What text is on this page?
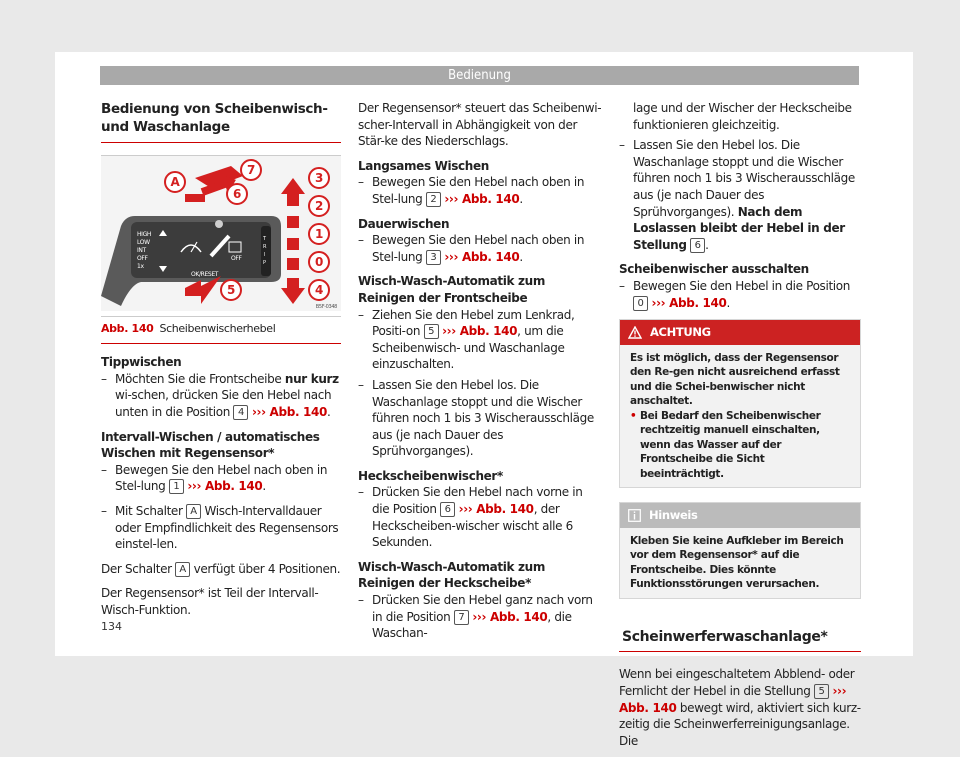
Bedienung
Bedienung von Scheibenwisch- und Waschanlage
HIGH
LOW
INT
OFF
1x
OFF
OK/RESET
T
R
I
P
A
7
6
3
2
1
0
4
5
B5F-0348
Abb. 140 Scheibenwischerhebel

Tippwischen

– Möchten Sie die Frontscheibe nur kurz wi-schen, drücken Sie den Hebel nach unten in die Position 4 ››› Abb. 140.

Intervall-Wischen / automatisches Wischen mit Regensensor*

– Bewegen Sie den Hebel nach oben in Stel-lung 1 ››› Abb. 140.
– Mit Schalter A Wisch-Intervalldauer oder Empfindlichkeit des Regensensors einstel-len.

Der Schalter A verfügt über 4 Positionen.

Der Regensensor* ist Teil der Intervall-Wisch-Funktion.

Der Regensensor* steuert das Scheibenwi-scher-Intervall in Abhängigkeit von der Stär-ke des Niederschlags.

Langsames Wischen

– Bewegen Sie den Hebel nach oben in Stel-lung 2 ››› Abb. 140.

Dauerwischen

– Bewegen Sie den Hebel nach oben in Stel-lung 3 ››› Abb. 140.

Wisch-Wasch-Automatik zum Reinigen der Frontscheibe

– Ziehen Sie den Hebel zum Lenkrad, Positi-on 5 ››› Abb. 140, um die Scheibenwisch- und Waschanlage einzuschalten.
– Lassen Sie den Hebel los. Die Waschanlage stoppt und die Wischer führen noch 1 bis 3 Wischerausschläge aus (je nach Dauer des Sprühvorganges).

Heckscheibenwischer*

– Drücken Sie den Hebel nach vorne in die Position 6 ››› Abb. 140, der Heckscheiben-wischer wischt alle 6 Sekunden.

Wisch-Wasch-Automatik zum Reinigen der Heckscheibe*

– Drücken Sie den Hebel ganz nach vorn in die Position 7 ››› Abb. 140, die Waschan-

lage und der Wischer der Heckscheibe funktionieren gleichzeitig.

– Lassen Sie den Hebel los. Die Waschanlage stoppt und die Wischer führen noch 1 bis 3 Wischerausschläge aus (je nach Dauer des Sprühvorganges). Nach dem Loslassen bleibt der Hebel in der Stellung 6 .

Scheibenwischer ausschalten

– Bewegen Sie den Hebel in die Position 0 ››› Abb. 140.
ACHTUNG
Es ist möglich, dass der Regensensor den Re-gen nicht ausreichend erfasst und die Schei-benwischer nicht anschaltet.
• Bei Bedarf den Scheibenwischer rechtzeitig manuell einschalten, wenn das Wasser auf der Frontscheibe die Sicht beeinträchtigt.
Hinweis
Kleben Sie keine Aufkleber im Bereich vor dem Regensensor* auf die Frontscheibe. Dies könnte Funktionsstörungen verursachen.
Scheinwerferwaschanlage*

Wenn bei eingeschaltetem Abblend- oder Fernlicht der Hebel in die Stellung 5 ››› Abb. 140 bewegt wird, aktiviert sich kurz-zeitig die Scheinwerferreinigungsanlage. Die

134
